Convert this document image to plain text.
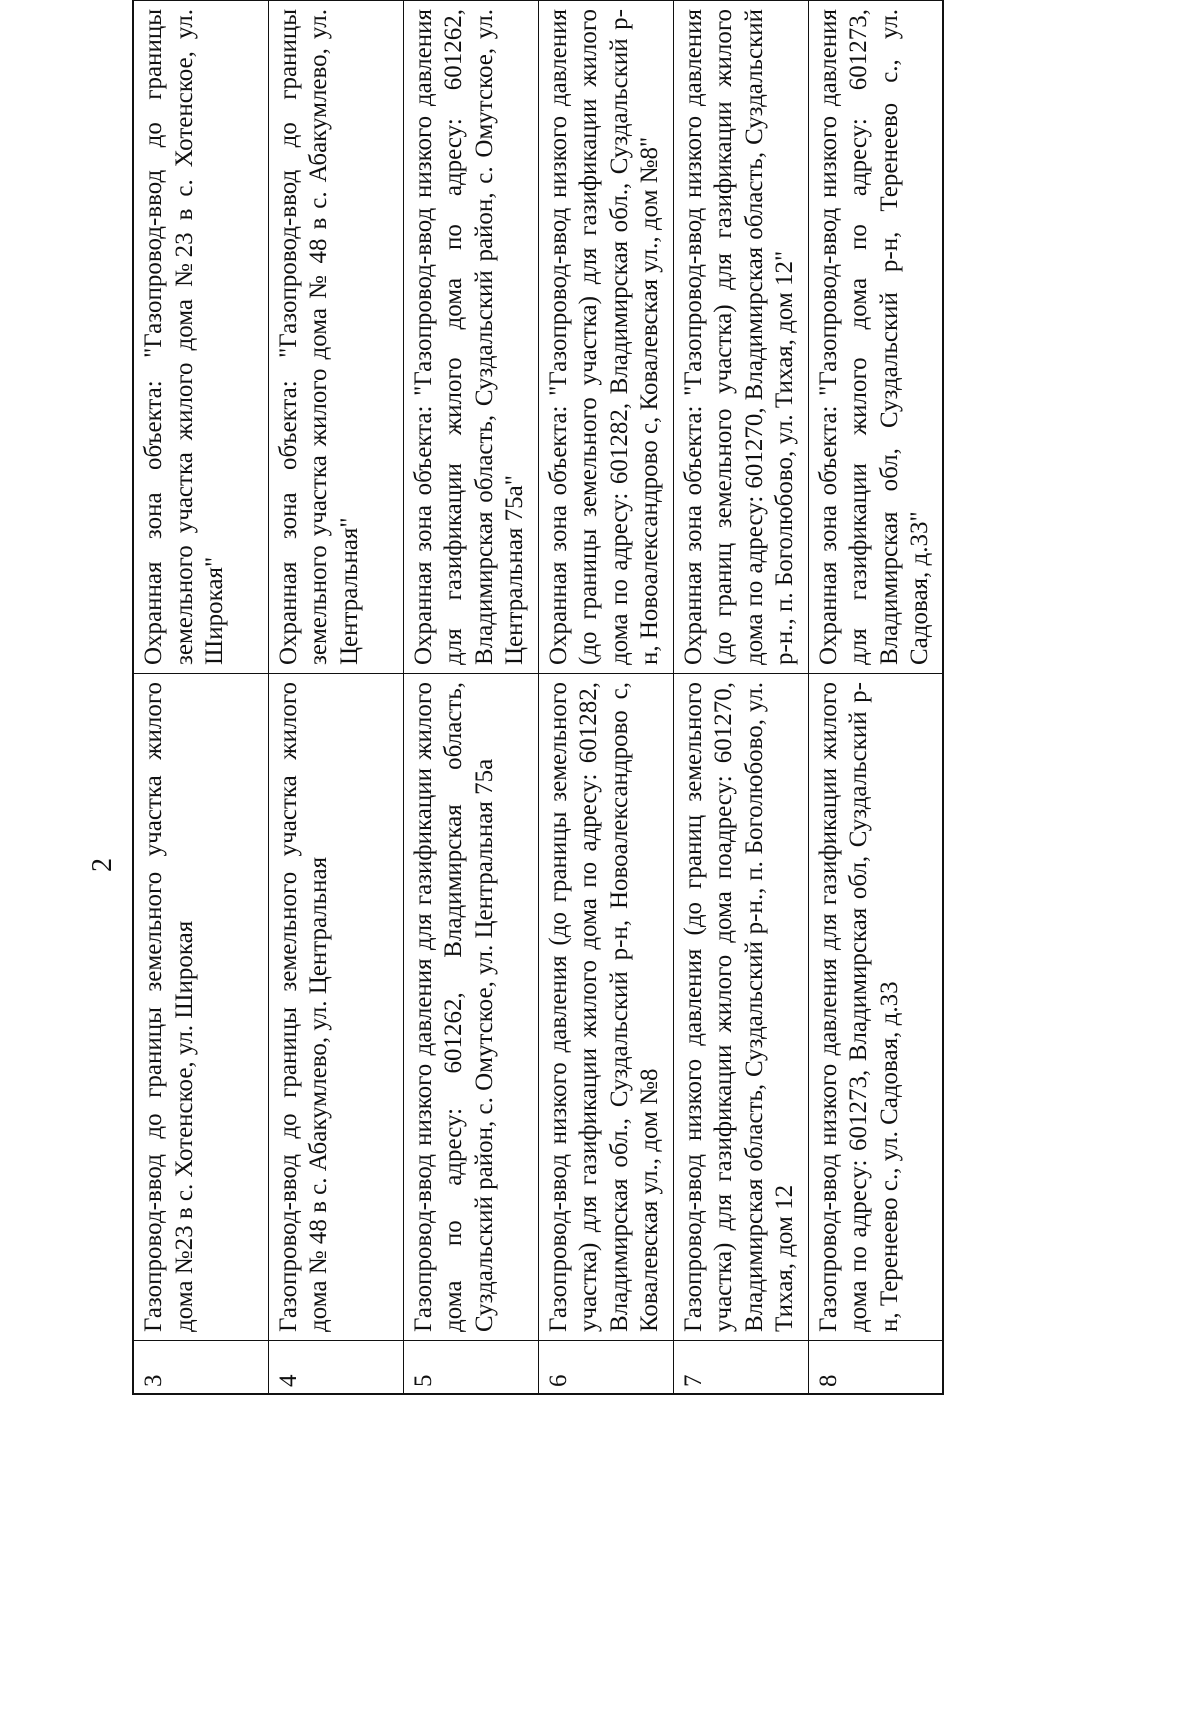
2
3	Газопровод-ввод до границы земельного участка жилого дома №23 в с. Хотенское, ул. Широкая	Охранная зона объекта: "Газопровод-ввод до границы земельного участка жилого дома №23 в с. Хотенское, ул. Широкая"
4	Газопровод-ввод до границы земельного участка жилого дома № 48 в с. Абакумлево, ул. Центральная	Охранная зона объекта: "Газопровод-ввод до границы земельного участка жилого дома № 48 в с. Абакумлево, ул. Центральная"
5	Газопровод-ввод низкого давления для газификации жилого дома по адресу: 601262, Владимирская область, Суздальский район, с. Омутское, ул. Центральная 75а	Охранная зона объекта: "Газопровод-ввод низкого давления для газификации жилого дома по адресу: 601262, Владимирская область, Суздальский район, с. Омутское, ул. Центральная 75а"
6	Газопровод-ввод низкого давления (до границы земельного участка) для газификации жилого дома по адресу: 601282, Владимирская обл., Суздальский р-н, Новоалександрово с, Ковалевская ул., дом №8	Охранная зона объекта: "Газопровод-ввод низкого давления (до границы земельного участка) для газификации жилого дома по адресу: 601282, Владимирская обл., Суздальский р-н, Новоалександрово с, Ковалевская ул., дом №8"
7	Газопровод-ввод низкого давления (до границ земельного участка) для газификации жилого дома поадресу: 601270, Владимирская область, Суздальский р-н., п. Боголюбово, ул. Тихая, дом 12	Охранная зона объекта: "Газопровод-ввод низкого давления (до границ земельного участка) для газификации жилого дома по адресу: 601270, Владимирская область, Суздальский р-н., п. Боголюбово, ул. Тихая, дом 12"
8	Газопровод-ввод низкого давления для газификации жилого дома по адресу: 601273, Владимирская обл, Суздальский р-н, Теренеево с., ул. Садовая, д.33	Охранная зона объекта: "Газопровод-ввод низкого давления для газификации жилого дома по адресу: 601273, Владимирская обл, Суздальский р-н, Теренеево с., ул. Садовая, д.33"
